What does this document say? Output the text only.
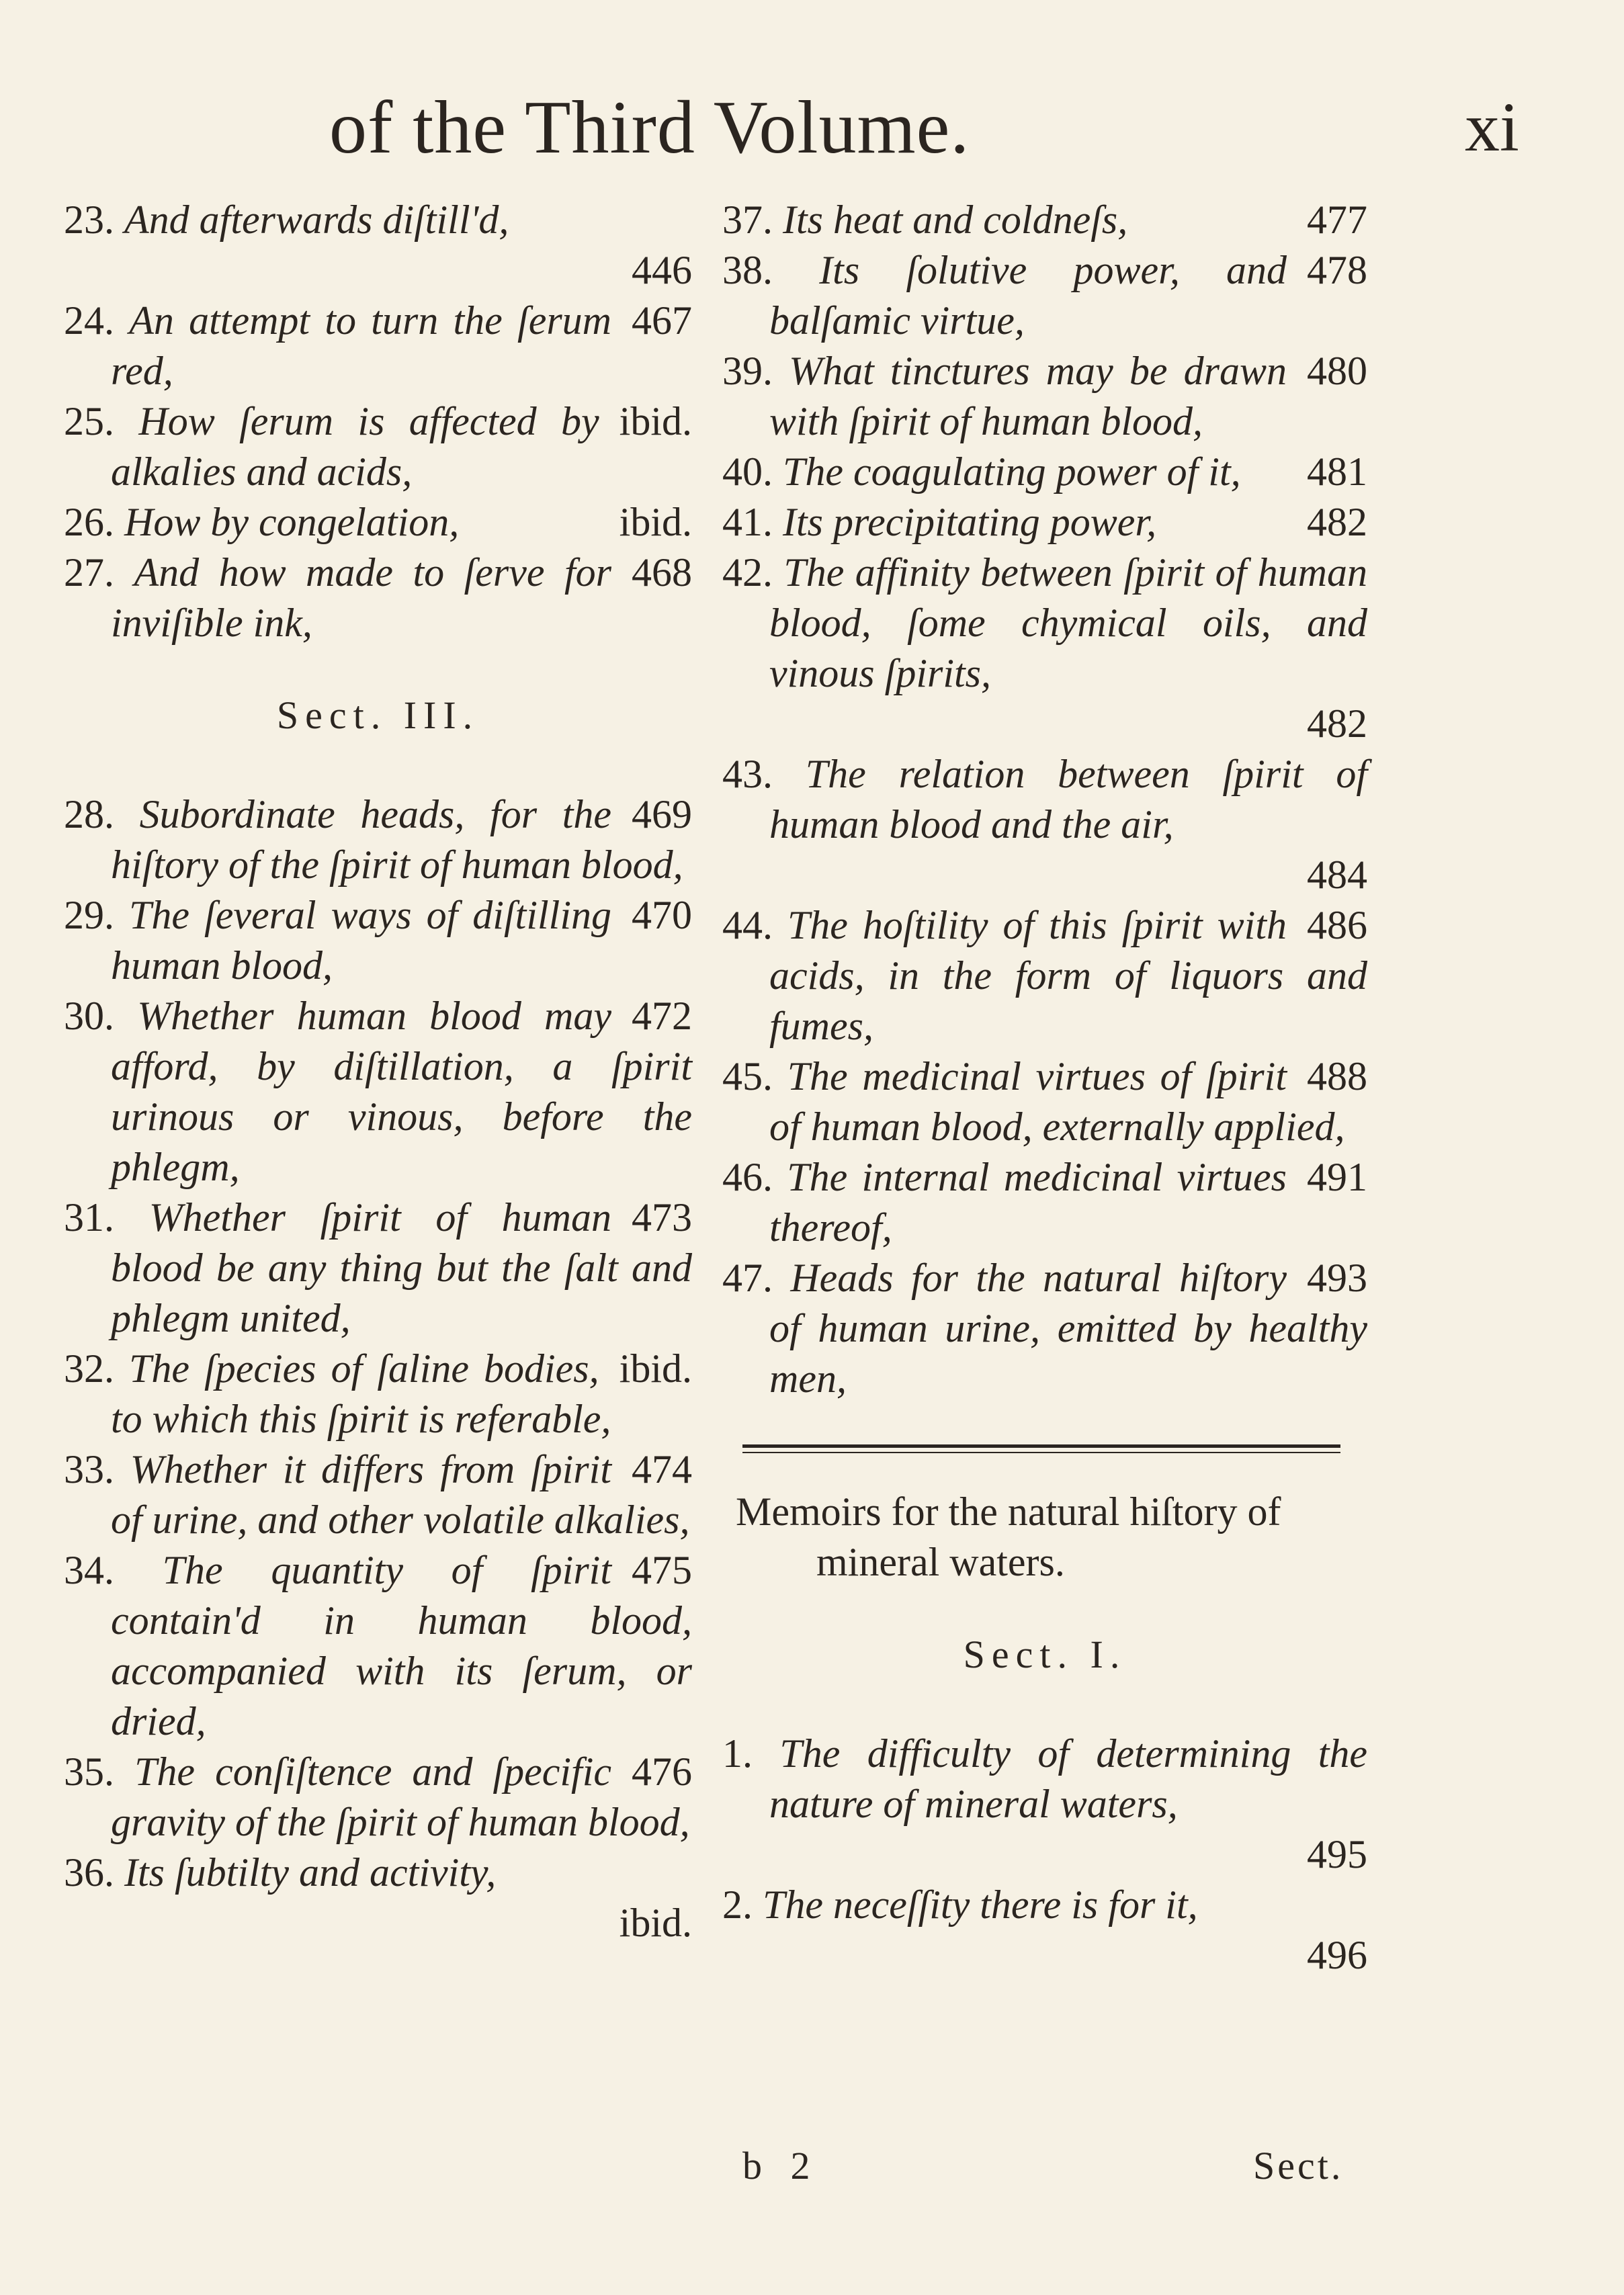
of the Third Volume.	xi

23. And afterwards diſtill'd,
446

24.	467
An attempt to turn the ſerum red,

25.	ibid.
How ſerum is affected by alkalies and acids,

26.	ibid.
How by congelation,

27.	468
And how made to ſerve for inviſible ink,

Sect. III.

28.	469
Subordinate heads, for the hiſtory of the ſpirit of human blood,

29.	470
The ſeveral ways of diſtilling human blood,

30.	472
Whether human blood may afford, by diſtillation, a ſpirit urinous or vinous, before the phlegm,

31.	473
Whether ſpirit of human blood be any thing but the ſalt and phlegm united,

32.	ibid.
The ſpecies of ſaline bodies, to which this ſpirit is referable,

33.	474
Whether it differs from ſpirit of urine, and other volatile alkalies,

34.	475
The quantity of ſpirit contain'd in human blood, accompanied with its ſerum, or dried,

35.	476
The conſiſtence and ſpecific gravity of the ſpirit of human blood,

36. Its ſubtilty and activity,
ibid.

37.	477
Its heat and coldneſs,

38.	478
Its ſolutive power, and balſamic virtue,

39.	480
What tinctures may be drawn with ſpirit of human blood,

40.	481
The coagulating power of it,

41.	482
Its precipitating power,

42. The affinity between ſpirit of human blood, ſome chymical oils, and vinous ſpirits,
482

43. The relation between ſpirit of human blood and the air,
484

44.	486
The hoſtility of this ſpirit with acids, in the form of liquors and fumes,

45.	488
The medicinal virtues of ſpirit of human blood, externally applied,

46.	491
The internal medicinal virtues thereof,

47.	493
Heads for the natural hiſtory of human urine, emitted by healthy men,

Memoirs for the natural hiſtory of mineral waters.

Sect. I.

1. The difficulty of determining the nature of mineral waters,
495

2. The neceſſity there is for it,
496

b 2	Sect.
